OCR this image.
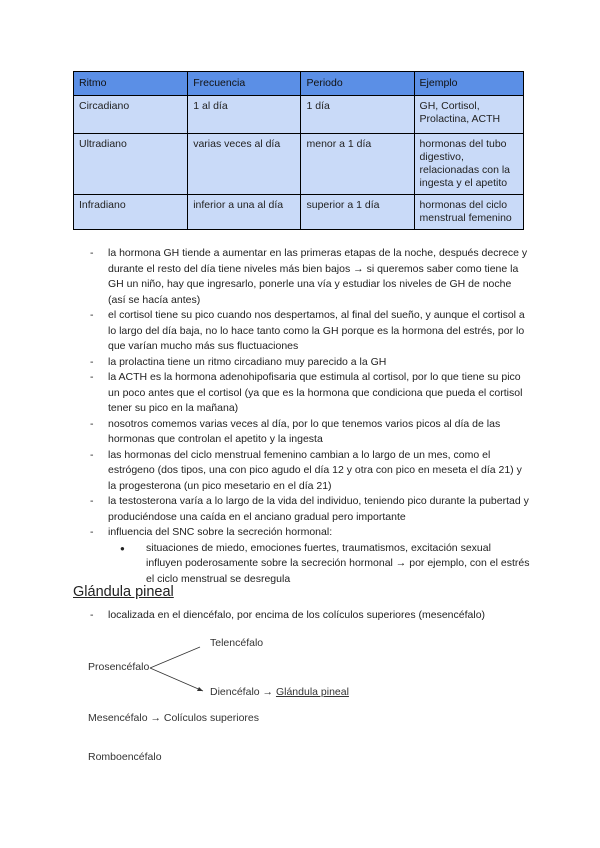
Ritmo	Frecuencia	Periodo	Ejemplo
Circadiano	1 al día	1 día	GH, Cortisol, Prolactina, ACTH
Ultradiano	varias veces al día	menor a 1 día	hormonas del tubo digestivo, relacionadas con la ingesta y el apetito
Infradiano	inferior a una al día	superior a 1 día	hormonas del ciclo menstrual femenino
- la hormona GH tiende a aumentar en las primeras etapas de la noche, después decrece y durante el resto del día tiene niveles más bien bajos → si queremos saber como tiene la GH un niño, hay que ingresarlo, ponerle una vía y estudiar los niveles de GH de noche (así se hacía antes)
- el cortisol tiene su pico cuando nos despertamos, al final del sueño, y aunque el cortisol a lo largo del día baja, no lo hace tanto como la GH porque es la hormona del estrés, por lo que varían mucho más sus fluctuaciones
- la prolactina tiene un ritmo circadiano muy parecido a la GH
- la ACTH es la hormona adenohipofisaria que estimula al cortisol, por lo que tiene su pico un poco antes que el cortisol (ya que es la hormona que condiciona que pueda el cortisol tener su pico en la mañana)
- nosotros comemos varias veces al día, por lo que tenemos varios picos al día de las hormonas que controlan el apetito y la ingesta
- las hormonas del ciclo menstrual femenino cambian a lo largo de un mes, como el estrógeno (dos tipos, una con pico agudo el día 12 y otra con pico en meseta el día 21) y la progesterona (un pico mesetario en el día 21)
- la testosterona varía a lo largo de la vida del individuo, teniendo pico durante la pubertad y produciéndose una caída en el anciano gradual pero importante
- influencia del SNC sobre la secreción hormonal:
● situaciones de miedo, emociones fuertes, traumatismos, excitación sexual influyen poderosamente sobre la secreción hormonal → por ejemplo, con el estrés el ciclo menstrual se desregula
Glándula pineal
- localizada en el diencéfalo, por encima de los colículos superiores (mesencéfalo)
Prosencéfalo
Telencéfalo
Diencéfalo → Glándula pineal
Mesencéfalo → Colículos superiores
Romboencéfalo
